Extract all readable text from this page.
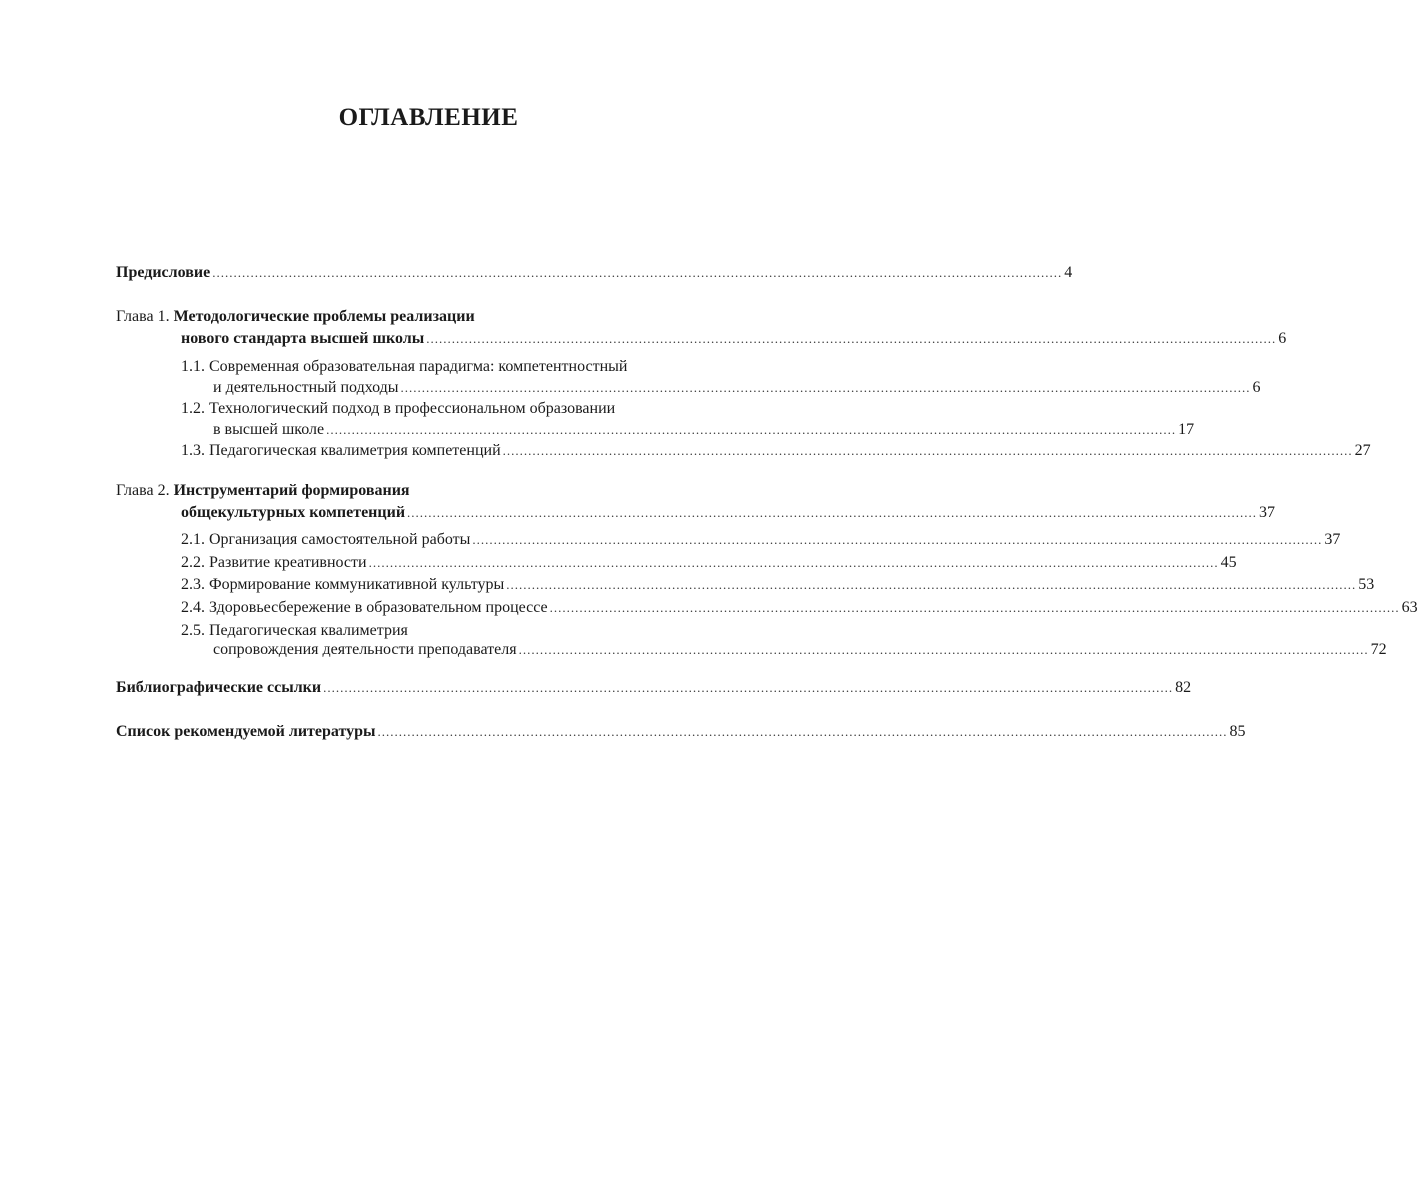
ОГЛАВЛЕНИЕ
Предисловие ........................................................................................................................................................................................................ 4
Глава 1. Методологические проблемы реализации
нового стандарта высшей школы ........................................................................................................................................................................................................ 6
1.1. Современная образовательная парадигма: компетентностный
и деятельностный подходы ........................................................................................................................................................................................................ 6
1.2. Технологический подход в профессиональном образовании
в высшей школе ........................................................................................................................................................................................................ 17
1.3. Педагогическая квалиметрия компетенций ........................................................................................................................................................................................................ 27
Глава 2. Инструментарий формирования
общекультурных компетенций ........................................................................................................................................................................................................ 37
2.1. Организация самостоятельной работы ........................................................................................................................................................................................................ 37
2.2. Развитие креативности ........................................................................................................................................................................................................ 45
2.3. Формирование коммуникативной культуры ........................................................................................................................................................................................................ 53
2.4. Здоровьесбережение в образовательном процессе ........................................................................................................................................................................................................ 63
2.5. Педагогическая квалиметрия
сопровождения деятельности преподавателя ........................................................................................................................................................................................................ 72
Библиографические ссылки ........................................................................................................................................................................................................ 82
Список рекомендуемой литературы ........................................................................................................................................................................................................ 85
